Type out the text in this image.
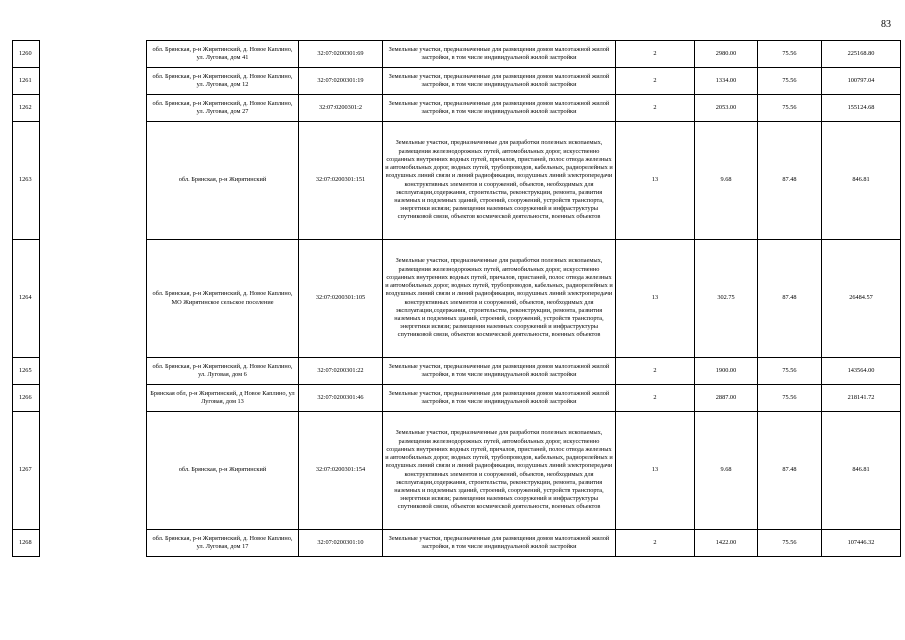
83
1260		обл. Брянская, р-н Жирятинский, д. Новое Каплино, ул. Луговая, дом 41	32:07:0200301:69	Земельные участки, предназначенные для размещения домов малоэтажной жилой застройки, в том числе индивидуальной жилой застройки	2	2980.00	75.56	225168.80
1261		обл. Брянская, р-н Жирятинский, д. Новое Каплино, ул. Луговая, дом 12	32:07:0200301:19	Земельные участки, предназначенные для размещения домов малоэтажной жилой застройки, в том числе индивидуальной жилой застройки	2	1334.00	75.56	100797.04
1262		обл. Брянская, р-н Жирятинский, д. Новое Каплино, ул. Луговая, дом 27	32:07:0200301:2	Земельные участки, предназначенные для размещения домов малоэтажной жилой застройки, в том числе индивидуальной жилой застройки	2	2053.00	75.56	155124.68
1263		обл. Брянская, р-н Жирятинский	32:07:0200301:151	Земельные участки, предназначенные для разработки полезных ископаемых, размещения железнодорожных путей, автомобильных дорог, искусственно созданных внутренних водных путей, причалов, пристаней, полос отвода железных и автомобильных дорог, водных путей, трубопроводов, кабельных, радиорелейных и воздушных линий связи и линий радиофикации, воздушных линий электропередачи конструктивных элементов и сооружений, объектов, необходимых для эксплуатации,содержания, строительства, реконструкции, ремонта, развития наземных и подземных зданий, строений, сооружений, устройств транспорта, энергетики исвязи; размещения наземных сооружений и инфраструктуры спутниковой связи, объектов космической деятельности, военных объектов	13	9.68	87.48	846.81
1264		обл. Брянская, р-н Жирятинский, д. Новое Каплино, МО Жирятинское сельское поселение	32:07:0200301:105	Земельные участки, предназначенные для разработки полезных ископаемых, размещения железнодорожных путей, автомобильных дорог, искусственно созданных внутренних водных путей, причалов, пристаней, полос отвода железных и автомобильных дорог, водных путей, трубопроводов, кабельных, радиорелейных и воздушных линий связи и линий радиофикации, воздушных линий электропередачи конструктивных элементов и сооружений, объектов, необходимых для эксплуатации,содержания, строительства, реконструкции, ремонта, развития наземных и подземных зданий, строений, сооружений, устройств транспорта, энергетики исвязи; размещения наземных сооружений и инфраструктуры спутниковой связи, объектов космической деятельности, военных объектов	13	302.75	87.48	26484.57
1265		обл. Брянская, р-н Жирятинский, д. Новое Каплино, ул. Луговая, дом 6	32:07:0200301:22	Земельные участки, предназначенные для размещения домов малоэтажной жилой застройки, в том числе индивидуальной жилой застройки	2	1900.00	75.56	143564.00
1266		Брянская обл, р-н Жирятинский, д Новое Каплино, ул Луговая, дом 13	32:07:0200301:46	Земельные участки, предназначенные для размещения домов малоэтажной жилой застройки, в том числе индивидуальной жилой застройки	2	2887.00	75.56	218141.72
1267		обл. Брянская, р-н Жирятинский	32:07:0200301:154	Земельные участки, предназначенные для разработки полезных ископаемых, размещения железнодорожных путей, автомобильных дорог, искусственно созданных внутренних водных путей, причалов, пристаней, полос отвода железных и автомобильных дорог, водных путей, трубопроводов, кабельных, радиорелейных и воздушных линий связи и линий радиофикации, воздушных линий электропередачи конструктивных элементов и сооружений, объектов, необходимых для эксплуатации,содержания, строительства, реконструкции, ремонта, развития наземных и подземных зданий, строений, сооружений, устройств транспорта, энергетики исвязи; размещения наземных сооружений и инфраструктуры спутниковой связи, объектов космической деятельности, военных объектов	13	9.68	87.48	846.81
1268		обл. Брянская, р-н Жирятинский, д. Новое Каплино, ул. Луговая, дом 17	32:07:0200301:10	Земельные участки, предназначенные для размещения домов малоэтажной жилой застройки, в том числе индивидуальной жилой застройки	2	1422.00	75.56	107446.32
